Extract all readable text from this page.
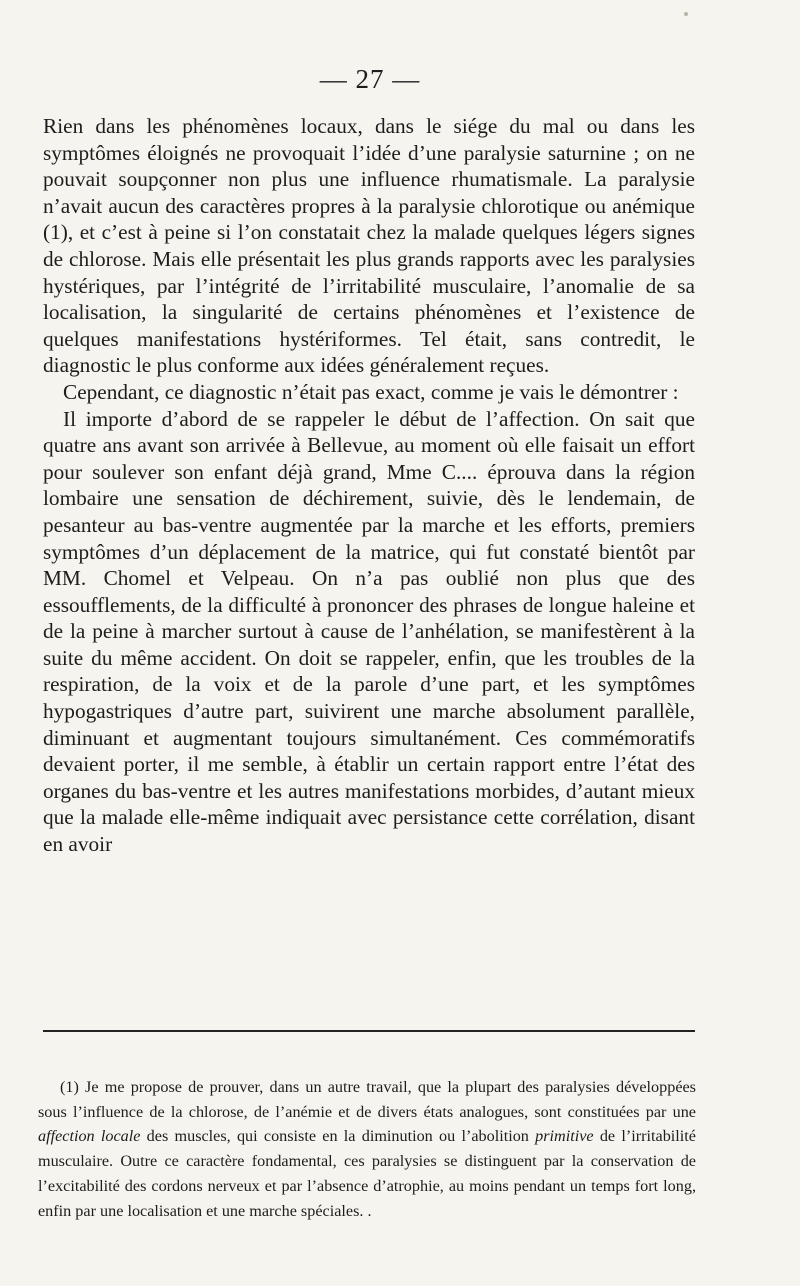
— 27 —

Rien dans les phénomènes locaux, dans le siége du mal ou dans les symptômes éloignés ne provoquait l’idée d’une paralysie saturnine ; on ne pouvait soupçonner non plus une influence rhumatismale. La paralysie n’avait aucun des caractères propres à la paralysie chlorotique ou anémique (1), et c’est à peine si l’on constatait chez la malade quelques légers signes de chlorose. Mais elle présentait les plus grands rapports avec les paralysies hystériques, par l’intégrité de l’irritabilité musculaire, l’anomalie de sa localisation, la singularité de certains phénomènes et l’existence de quelques manifestations hystériformes. Tel était, sans contredit, le diagnostic le plus conforme aux idées généralement reçues.

Cependant, ce diagnostic n’était pas exact, comme je vais le démontrer :

Il importe d’abord de se rappeler le début de l’affection. On sait que quatre ans avant son arrivée à Bellevue, au moment où elle faisait un effort pour soulever son enfant déjà grand, Mme C.... éprouva dans la région lombaire une sensation de déchirement, suivie, dès le lendemain, de pesanteur au bas-ventre augmentée par la marche et les efforts, premiers symptômes d’un déplacement de la matrice, qui fut constaté bientôt par MM. Chomel et Velpeau. On n’a pas oublié non plus que des essoufflements, de la difficulté à prononcer des phrases de longue haleine et de la peine à marcher surtout à cause de l’anhélation, se manifestèrent à la suite du même accident. On doit se rappeler, enfin, que les troubles de la respiration, de la voix et de la parole d’une part, et les symptômes hypogastriques d’autre part, suivirent une marche absolument parallèle, diminuant et augmentant toujours simultanément. Ces commémoratifs devaient porter, il me semble, à établir un certain rapport entre l’état des organes du bas-ventre et les autres manifestations morbides, d’autant mieux que la malade elle-même indiquait avec persistance cette corrélation, disant en avoir

(1) Je me propose de prouver, dans un autre travail, que la plupart des paralysies développées sous l’influence de la chlorose, de l’anémie et de divers états analogues, sont constituées par une affection locale des muscles, qui consiste en la diminution ou l’abolition primitive de l’irritabilité musculaire. Outre ce caractère fondamental, ces paralysies se distinguent par la conservation de l’excitabilité des cordons nerveux et par l’absence d’atrophie, au moins pendant un temps fort long, enfin par une localisation et une marche spéciales. .
